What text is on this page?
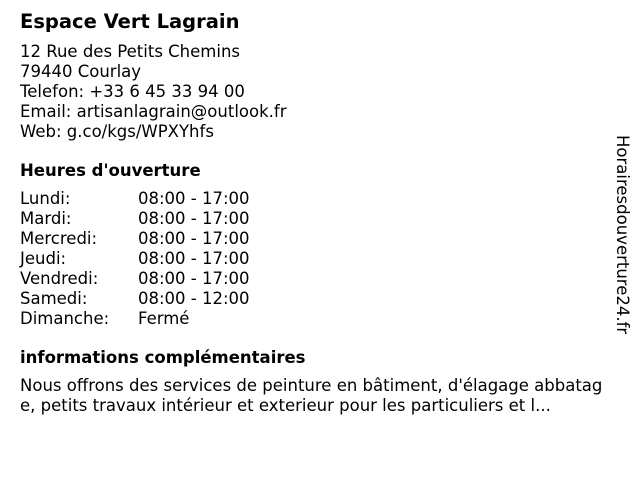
Espace Vert Lagrain
12 Rue des Petits Chemins
79440 Courlay
Telefon: +33 6 45 33 94 00
Email: artisanlagrain@outlook.fr
Web: g.co/kgs/WPXYhfs
Heures d'ouverture
Lundi:	08:00 - 17:00
Mardi:	08:00 - 17:00
Mercredi:	08:00 - 17:00
Jeudi:	08:00 - 17:00
Vendredi:	08:00 - 17:00
Samedi:	08:00 - 12:00
Dimanche:	Fermé
informations complémentaires
Nous offrons des services de peinture en bâtiment, d'élagage abbatage, petits travaux intérieur et exterieur pour les particuliers et l...
Horairesdouverture24.fr
